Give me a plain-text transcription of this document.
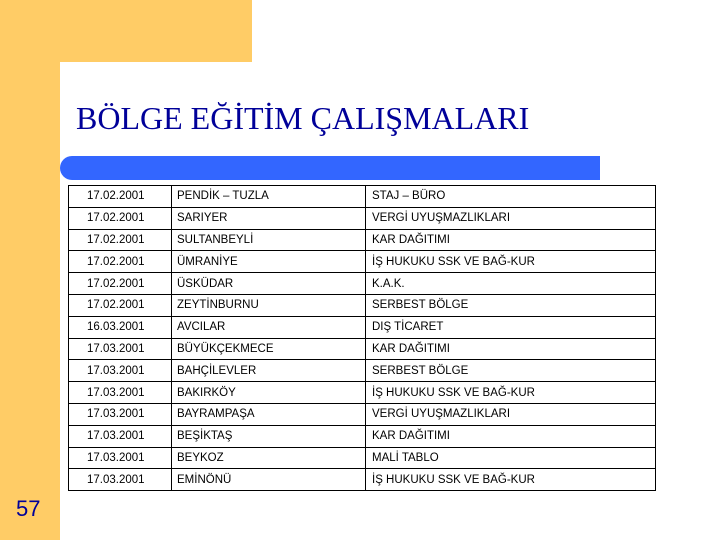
BÖLGE EĞİTİM ÇALIŞMALARI
17.02.2001	PENDİK – TUZLA	STAJ – BÜRO
17.02.2001	SARIYER	VERGİ UYUŞMAZLIKLARI
17.02.2001	SULTANBEYLİ	KAR DAĞITIMI
17.02.2001	ÜMRANİYE	İŞ HUKUKU SSK VE BAĞ-KUR
17.02.2001	ÜSKÜDAR	K.A.K.
17.02.2001	ZEYTİNBURNU	SERBEST BÖLGE
16.03.2001	AVCILAR	DIŞ TİCARET
17.03.2001	BÜYÜKÇEKMECE	KAR DAĞITIMI
17.03.2001	BAHÇİLEVLER	SERBEST BÖLGE
17.03.2001	BAKIRKÖY	İŞ HUKUKU SSK VE BAĞ-KUR
17.03.2001	BAYRAMPAŞA	VERGİ UYUŞMAZLIKLARI
17.03.2001	BEŞİKTAŞ	KAR DAĞITIMI
17.03.2001	BEYKOZ	MALİ TABLO
17.03.2001	EMİNÖNÜ	İŞ HUKUKU SSK VE BAĞ-KUR
57
